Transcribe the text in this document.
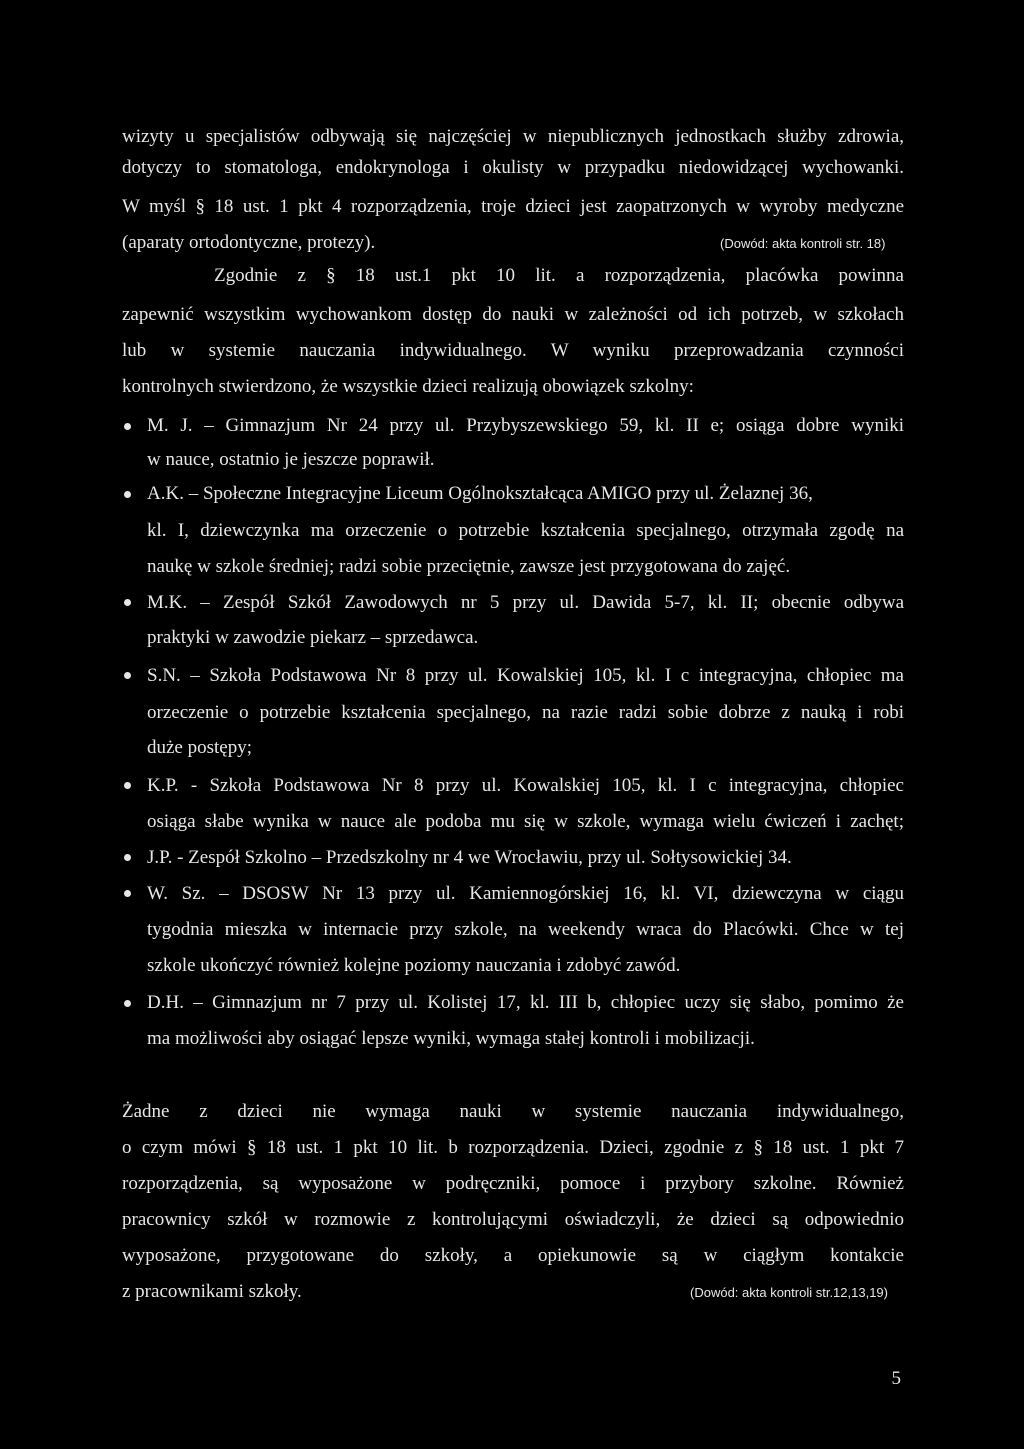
wizyty u specjalistów odbywają się najczęściej w niepublicznych jednostkach służby zdrowia,
dotyczy to stomatologa, endokrynologa i okulisty w przypadku niedowidzącej wychowanki.
W myśl § 18 ust. 1 pkt 4 rozporządzenia, troje dzieci jest zaopatrzonych w wyroby medyczne
(aparaty ortodontyczne, protezy).	(Dowód: akta kontroli str. 18)
Zgodnie z § 18 ust.1 pkt 10 lit. a rozporządzenia, placówka powinna
zapewnić wszystkim wychowankom dostęp do nauki w zależności od ich potrzeb, w szkołach
lub w systemie nauczania indywidualnego. W wyniku przeprowadzania czynności
kontrolnych stwierdzono, że wszystkie dzieci realizują obowiązek szkolny:
M. J. – Gimnazjum Nr 24 przy ul. Przybyszewskiego 59, kl. II e; osiąga dobre wyniki
w nauce, ostatnio je jeszcze poprawił.
A.K. – Społeczne Integracyjne Liceum Ogólnokształcąca AMIGO przy ul. Żelaznej 36,
kl. I, dziewczynka ma orzeczenie o potrzebie kształcenia specjalnego, otrzymała zgodę na
naukę w szkole średniej; radzi sobie przeciętnie, zawsze jest przygotowana do zajęć.
M.K. – Zespół Szkół Zawodowych nr 5 przy ul. Dawida 5-7, kl. II; obecnie odbywa
praktyki w zawodzie piekarz – sprzedawca.
S.N. – Szkoła Podstawowa Nr 8 przy ul. Kowalskiej 105, kl. I c integracyjna, chłopiec ma
orzeczenie o potrzebie kształcenia specjalnego, na razie radzi sobie dobrze z nauką i robi
duże postępy;
K.P. - Szkoła Podstawowa Nr 8 przy ul. Kowalskiej 105, kl. I c integracyjna, chłopiec
osiąga słabe wynika w nauce ale podoba mu się w szkole, wymaga wielu ćwiczeń i zachęt;
J.P. - Zespół Szkolno – Przedszkolny nr 4 we Wrocławiu, przy ul. Sołtysowickiej 34.
W. Sz. – DSOSW Nr 13 przy ul. Kamiennogórskiej 16, kl. VI, dziewczyna w ciągu
tygodnia mieszka w internacie przy szkole, na weekendy wraca do Placówki. Chce w tej
szkole ukończyć również kolejne poziomy nauczania i zdobyć zawód.
D.H. – Gimnazjum nr 7 przy ul. Kolistej 17, kl. III b, chłopiec uczy się słabo, pomimo że
ma możliwości aby osiągać lepsze wyniki, wymaga stałej kontroli i mobilizacji.
Żadne z dzieci nie wymaga nauki w systemie nauczania indywidualnego,
o czym mówi § 18 ust. 1 pkt 10 lit. b rozporządzenia. Dzieci, zgodnie z § 18 ust. 1 pkt 7
rozporządzenia, są wyposażone w podręczniki, pomoce i przybory szkolne. Również
pracownicy szkół w rozmowie z kontrolującymi oświadczyli, że dzieci są odpowiednio
wyposażone, przygotowane do szkoły, a opiekunowie są w ciągłym kontakcie
z pracownikami szkoły.	(Dowód: akta kontroli str.12,13,19)
5
